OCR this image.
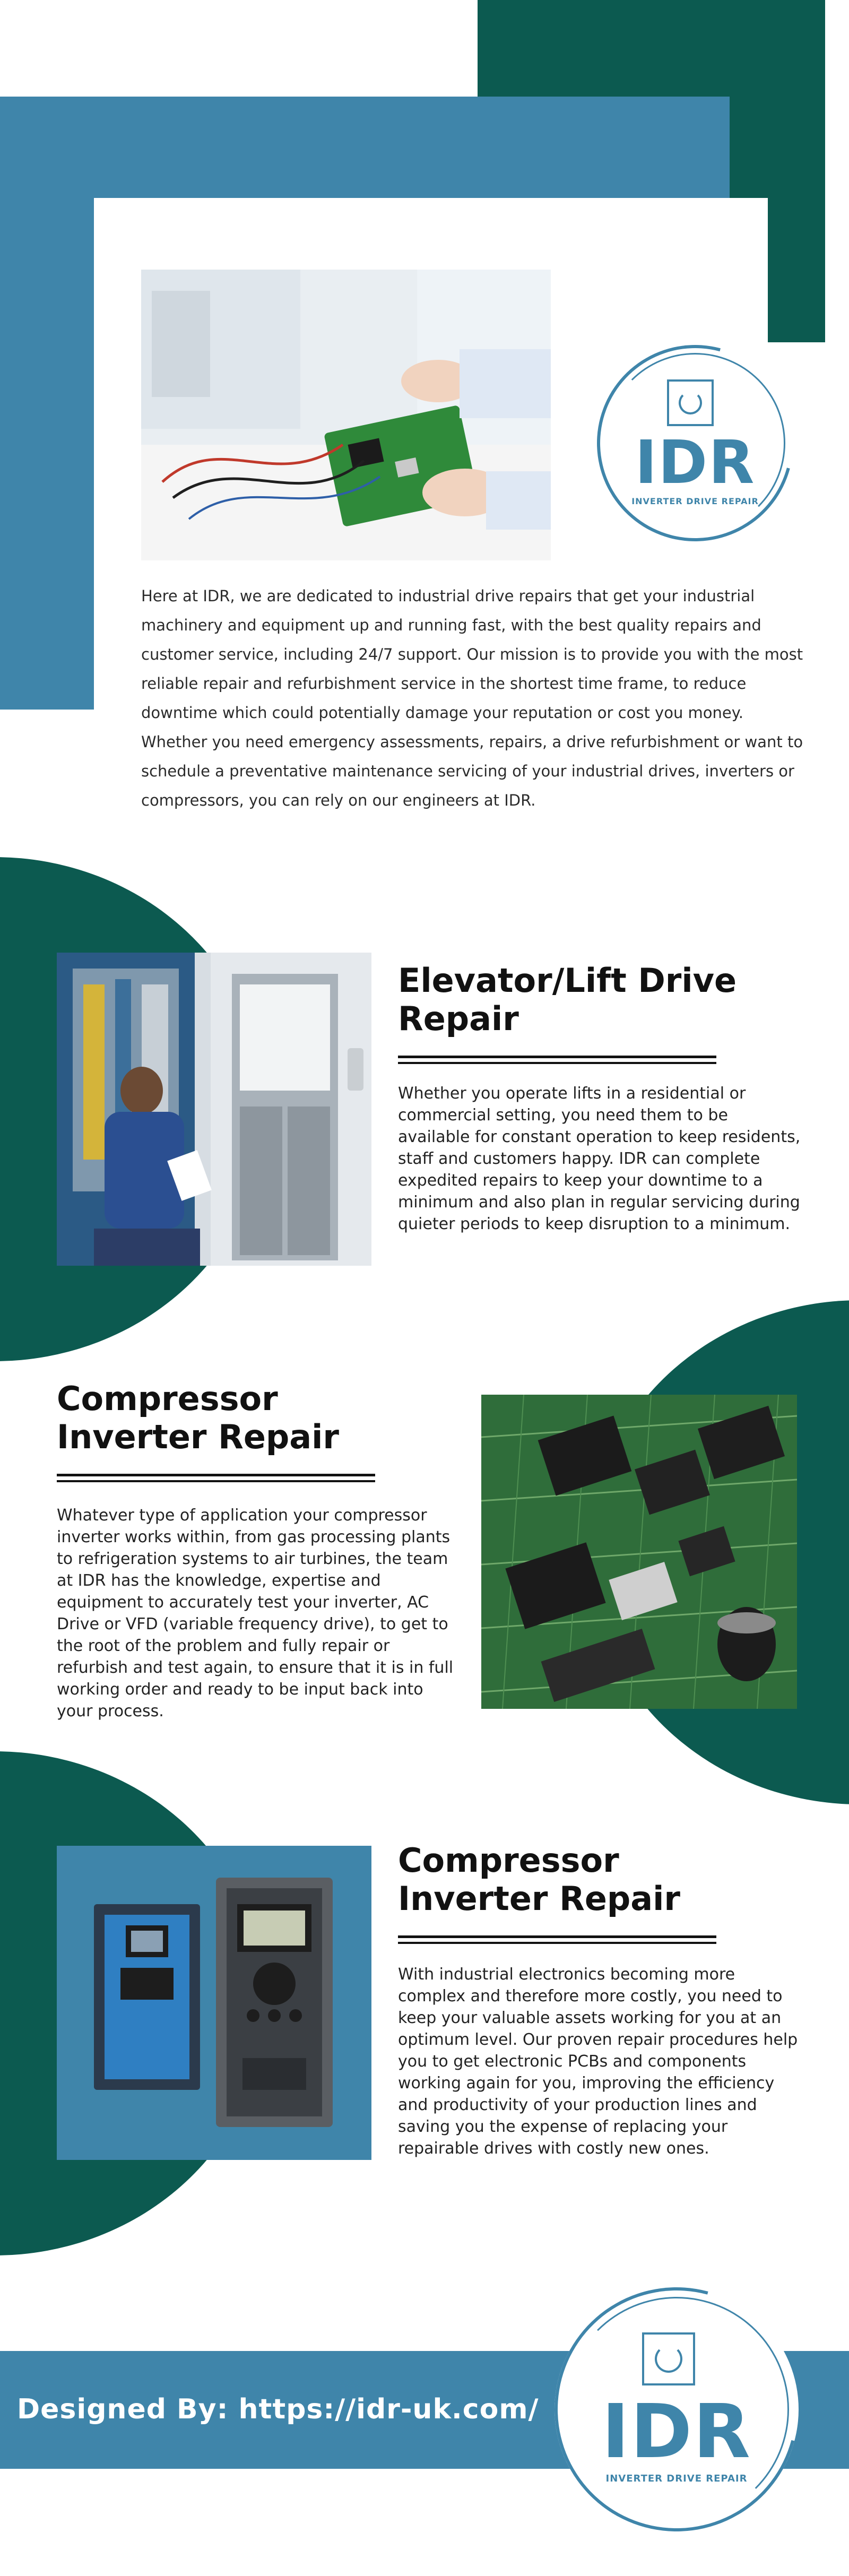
IDR
INVERTER DRIVE REPAIR
Here at IDR, we are dedicated to industrial drive repairs that get your industrial machinery and equipment up and running fast, with the best quality repairs and customer service, including 24/7 support. Our mission is to provide you with the most reliable repair and refurbishment service in the shortest time frame, to reduce downtime which could potentially damage your reputation or cost you money. Whether you need emergency assessments, repairs, a drive refurbishment or want to schedule a preventative maintenance servicing of your industrial drives, inverters or compressors, you can rely on our engineers at IDR.
Elevator/Lift Drive
Repair
Whether you operate lifts in a residential or commercial setting, you need them to be available for constant operation to keep residents, staff and customers happy. IDR can complete expedited repairs to keep your downtime to a minimum and also plan in regular servicing during quieter periods to keep disruption to a minimum.
Compressor
Inverter Repair
Whatever type of application your compressor inverter works within, from gas processing plants to refrigeration systems to air turbines, the team at IDR has the knowledge, expertise and equipment to accurately test your inverter, AC Drive or VFD (variable frequency drive), to get to the root of the problem and fully repair or refurbish and test again, to ensure that it is in full working order and ready to be input back into your process.
Compressor
Inverter Repair
With industrial electronics becoming more complex and therefore more costly, you need to keep your valuable assets working for you at an optimum level. Our proven repair procedures help you to get electronic PCBs and components working again for you, improving the efficiency and productivity of your production lines and saving you the expense of replacing your repairable drives with costly new ones.
Designed By: https://idr-uk.com/ IDR
INVERTER DRIVE REPAIR
